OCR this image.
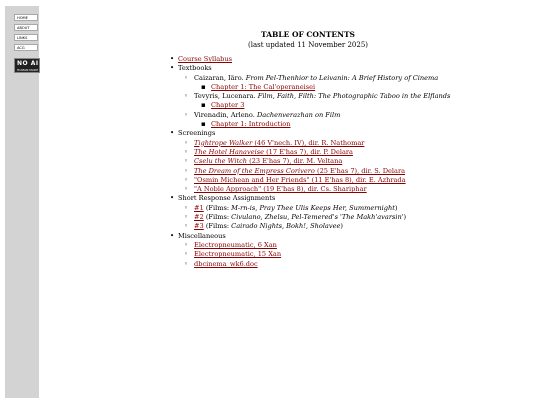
HOME
ABOUT
LINKS
ACG
NO AI
HUMAN MADE
TABLE OF CONTENTS
(last updated 11 November 2025)
• Course Syllabus
• Textbooks
◦ Caizaran, Iäro. From Pel-Thenhior to Leivanin: A Brief History of Cinema
▪ Chapter 1: The Cal'operaneisei
◦ Tevyris, Lucenara. Film, Faith, Filth: The Photographic Taboo in the Elflands
▪ Chapter 3
◦ Virenadin, Arleno. Dachenverazhan on Film
▪ Chapter 1: Introduction
• Screenings
◦ Tightrope Walker (46 V'nech. IV), dir. R. Nathomar
◦ The Hotel Hanaveise (17 E'has 7), dir. P. Delara
◦ Cselu the Witch (23 E'has 7), dir. M. Veltana
◦ The Dream of the Empress Corivero (25 E'has 7), dir. S. Delara
◦ "Osmin Michean and Her Friends" (11 E'has 8), dir. E. Azhrada
◦ "A Noble Approach" (19 E'has 8), dir. Cs. Shariphar
• Short Response Assignments
◦ #1 (Films: M-rn-is, Pray Thee Ulis Keeps Her, Summernight)
◦ #2 (Films: Civulano, Zhelsu, Pel-Temered's 'The Makh'avarsin')
◦ #3 (Films: Cairado Nights, Bokh!, Sholavee)
• Miscellaneous
◦ Electropneumatic, 6 Xan
◦ Electropneumatic, 15 Xan
◦ dbcinema_wk6.doc
